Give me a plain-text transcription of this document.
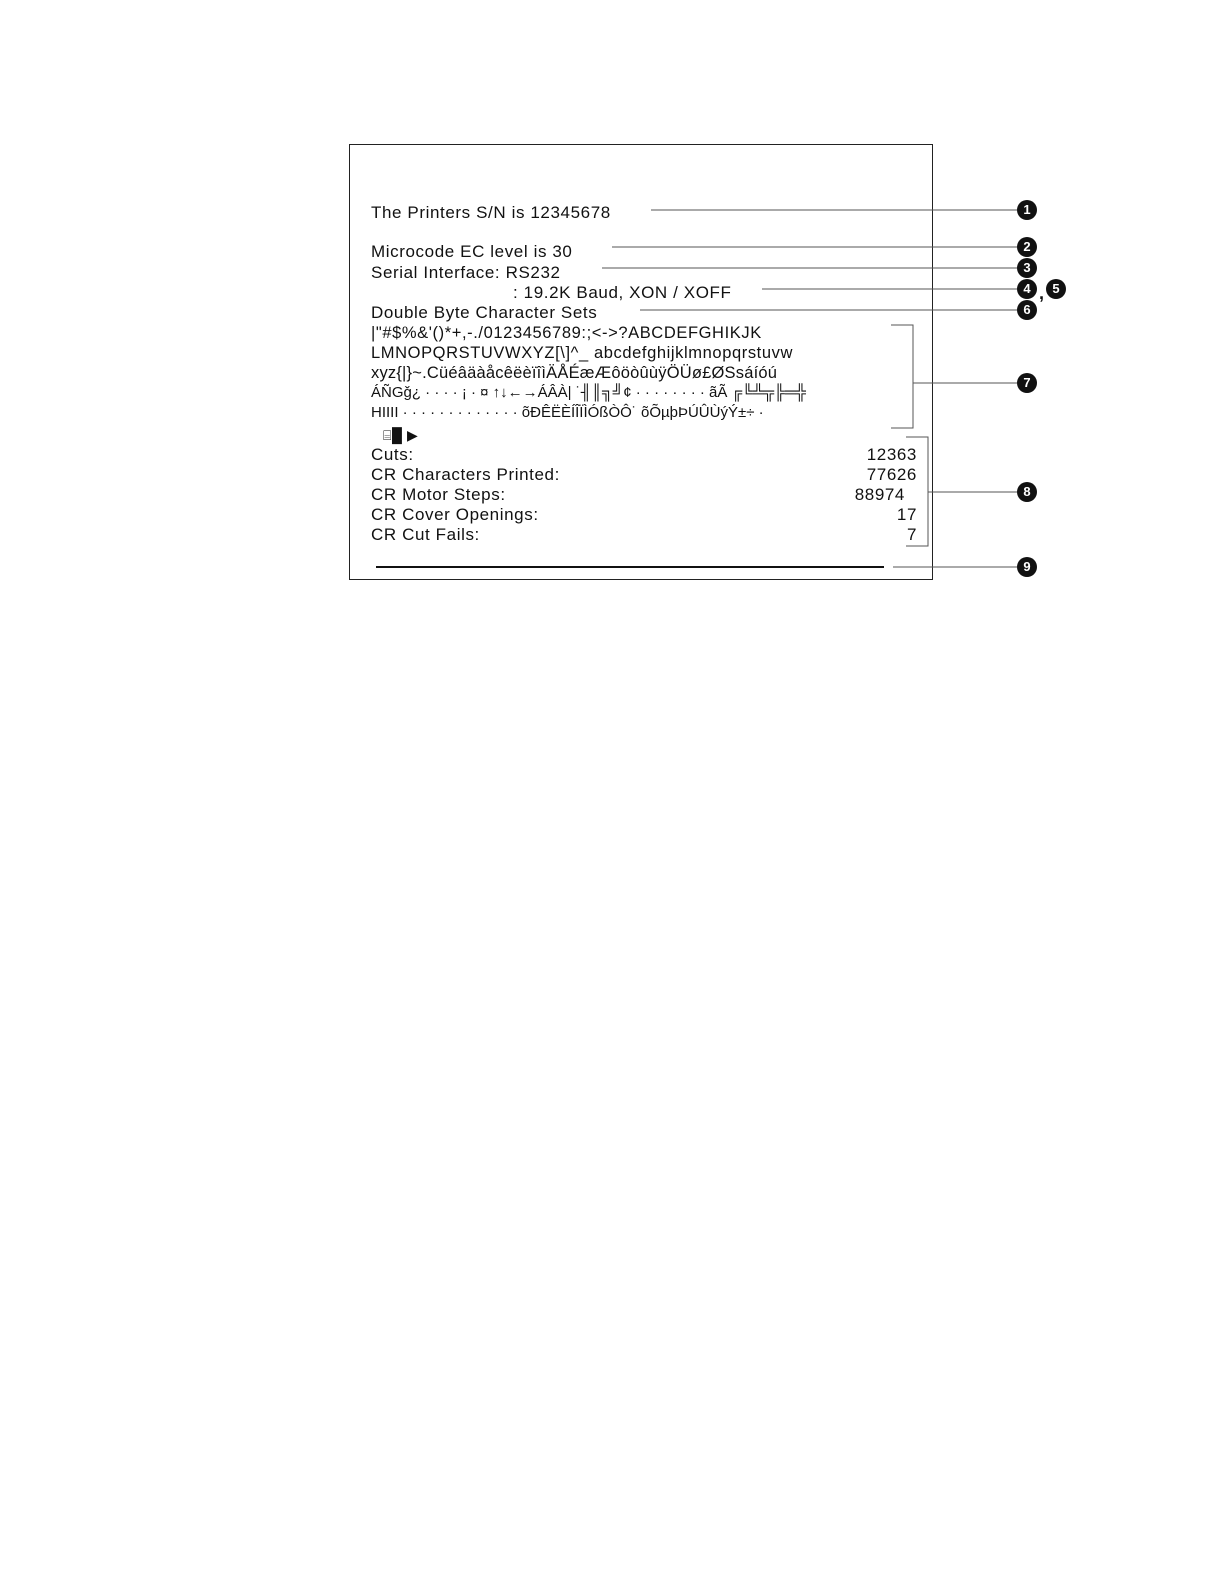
The Printers S/N is 12345678
Microcode EC level is 30
Serial Interface: RS232
: 19.2K Baud, XON / XOFF
Double Byte Character Sets
|"#$%&'()*+,-./0123456789:;<->?ABCDEFGHIKJK
LMNOPQRSTUVWXYZ[\]^_ abcdefghijklmnopqrstuvw
xyz{|}~.CüéâäàåcêëèïîìÄÅÉæÆôöòûùÿÖÜø£ØSsáíóú
ÁÑGǧ¿ · · · · ¡ · ¤ ↑↓←→ÁÂÀ| ˙╢║╗╝¢ · · · · · · · · ãÃ ╔╚╩╦╠═╬
HIIII · · · · · · · · · · · · · õĐÊËÈÍÎÏÌÓßÒÔ˙ õÕµþÞÚÛÙýÝ±÷ ·
⌸█ ▶
Cuts:	12363
CR Characters Printed:	77626
CR Motor Steps:	88974
CR Cover Openings:	17
CR Cut Fails:	7
1
2
3
4 , 5
6
7
8
9
